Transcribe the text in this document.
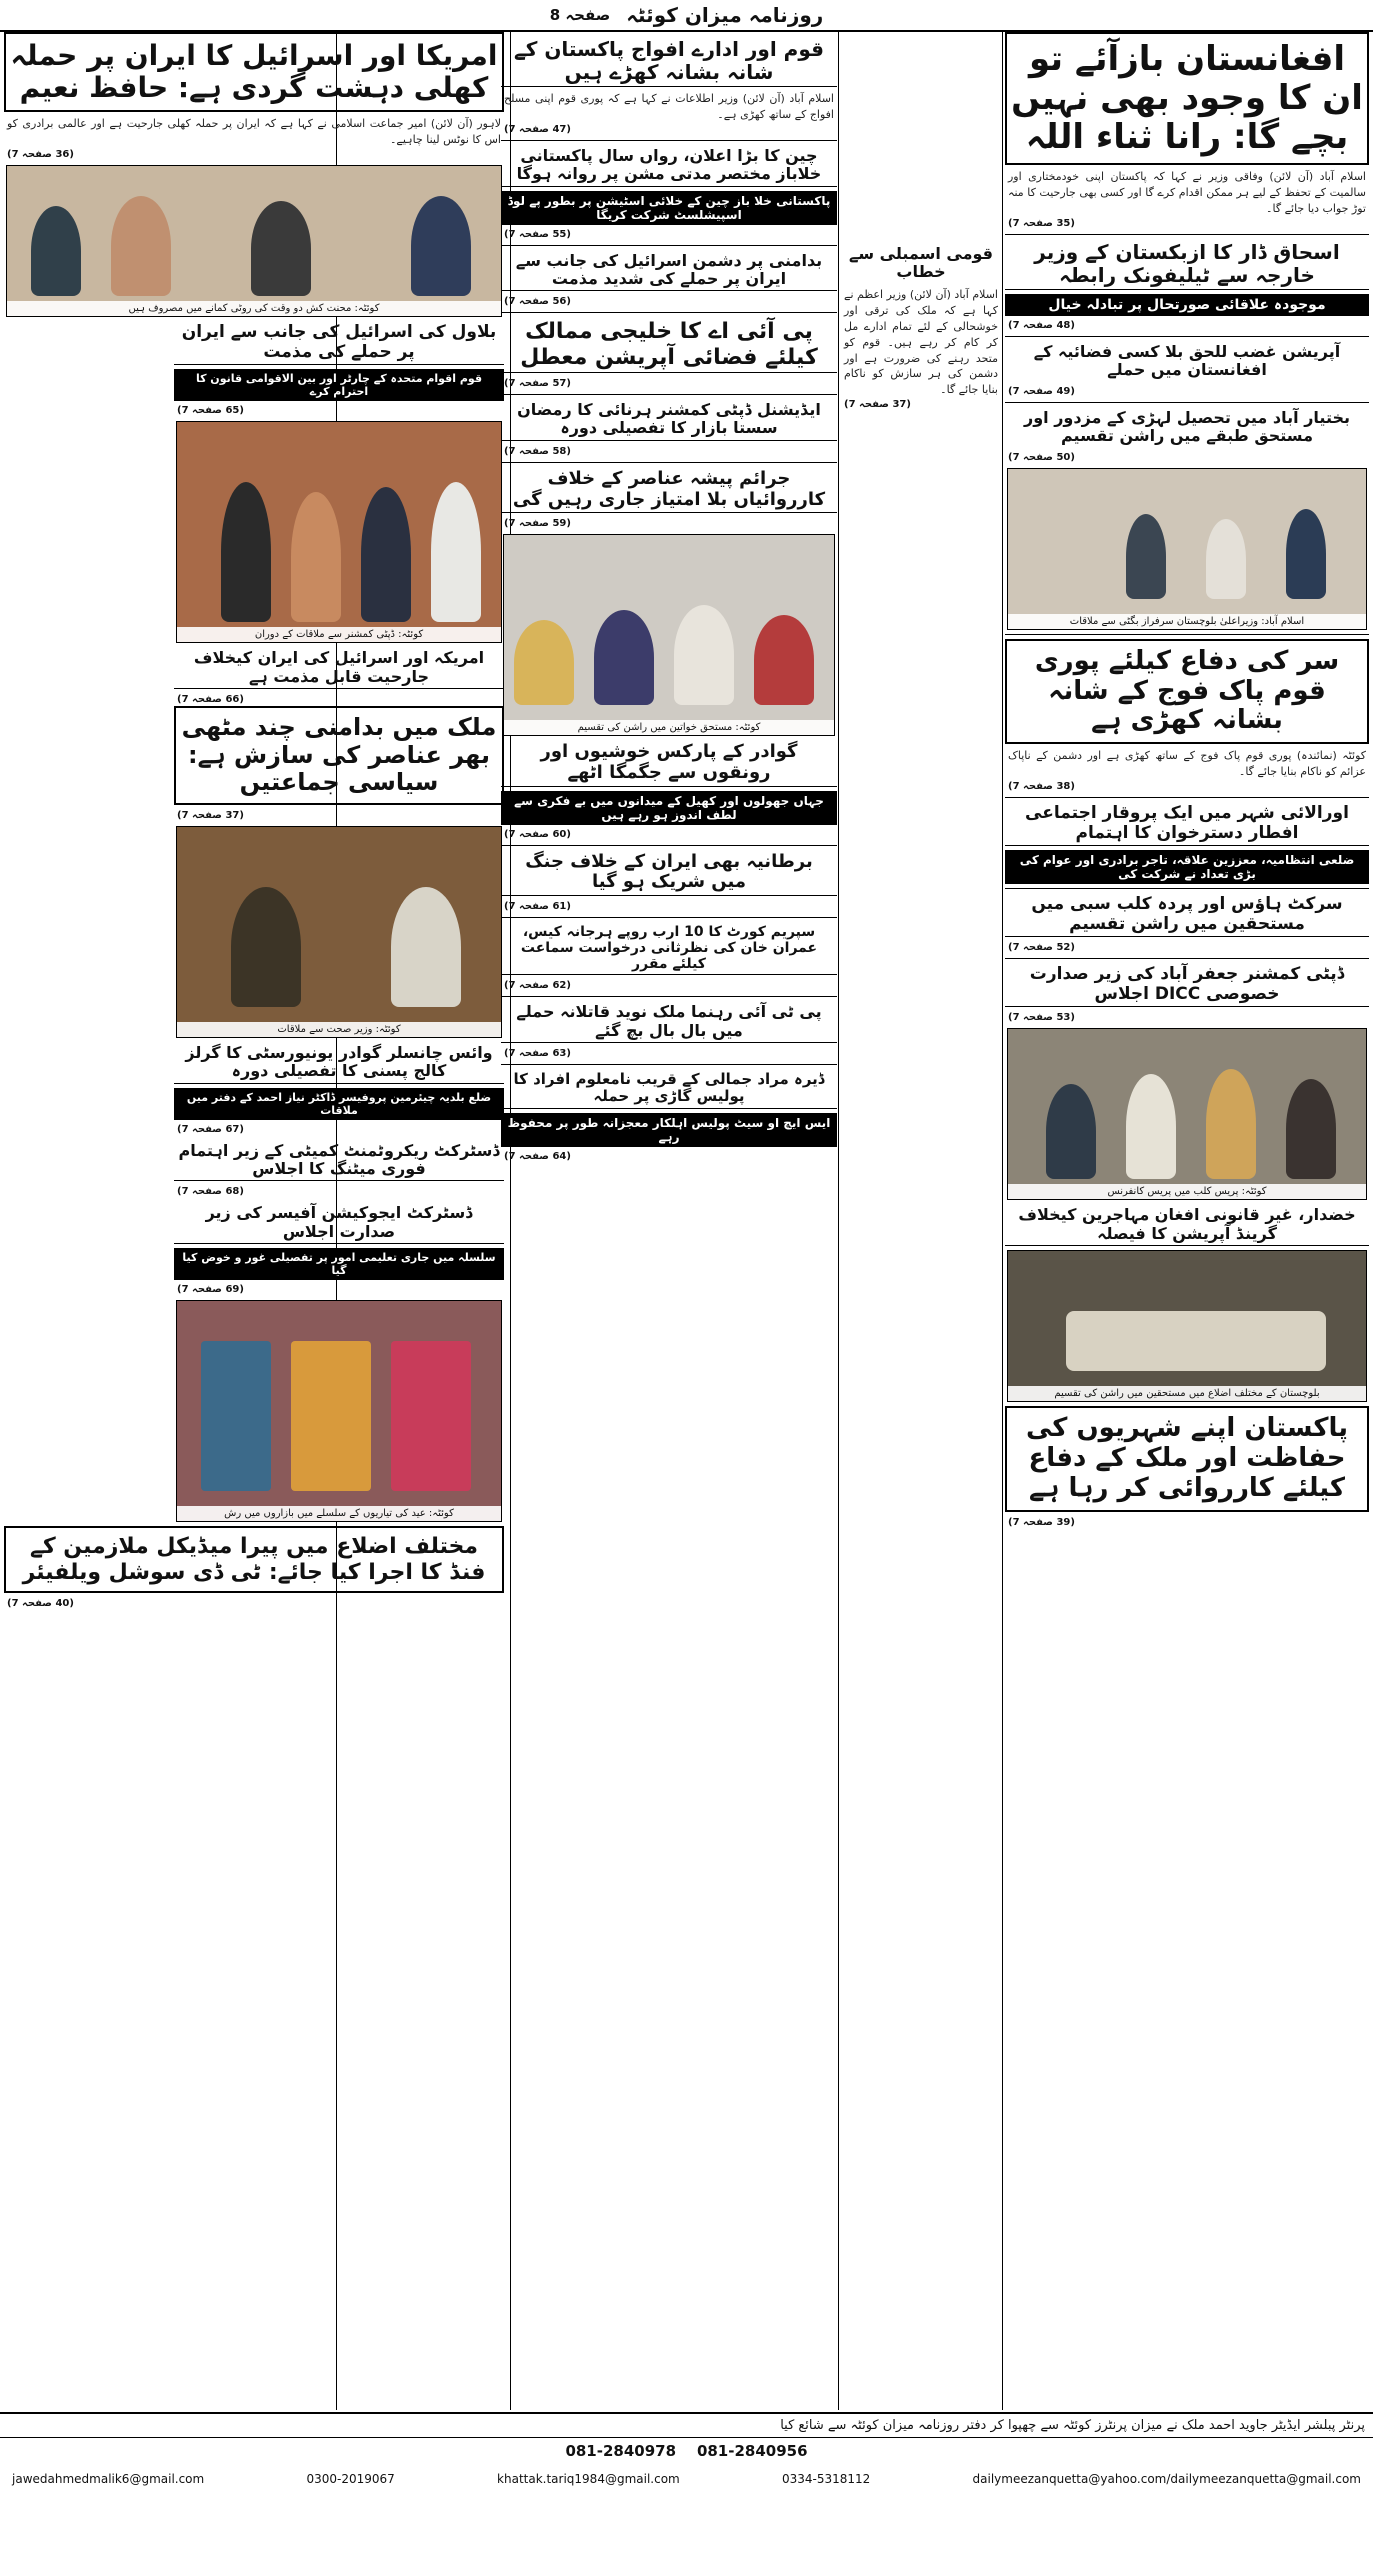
روزنامہ میزان کوئٹہ
صفحہ 8
افغانستان بازآئے تو ان کا وجود بھی نہیں بچے گا: رانا ثناء اللہ
اسلام آباد (آن لائن) وفاقی وزیر نے کہا کہ پاکستان اپنی خودمختاری اور سالمیت کے تحفظ کے لیے ہر ممکن اقدام کرے گا اور کسی بھی جارحیت کا منہ توڑ جواب دیا جائے گا۔
(35 صفحہ 7)
اسحاق ڈار کا ازبکستان کے وزیر خارجہ سے ٹیلیفونک رابطہ
موجودہ علاقائی صورتحال پر تبادلہ خیال
(48 صفحہ 7)
آپریشن غضب للحق بلا کسی فضائیہ کے افغانستان میں حملے
(49 صفحہ 7)
بختیار آباد میں تحصیل لہڑی کے مزدور اور مستحق طبقے میں راشن تقسیم
(50 صفحہ 7)
اسلام آباد: وزیراعلیٰ بلوچستان سرفراز بگٹی سے ملاقات
سر کی دفاع کیلئے پوری قوم پاک فوج کے شانہ بشانہ کھڑی ہے
کوئٹہ (نمائندہ) پوری قوم پاک فوج کے ساتھ کھڑی ہے اور دشمن کے ناپاک عزائم کو ناکام بنایا جائے گا۔
(38 صفحہ 7)
اورالائی شہر میں ایک پروقار اجتماعی افطار دسترخوان کا اہتمام
ضلعی انتظامیہ، معززین علاقہ، تاجر برادری اور عوام کی بڑی تعداد نے شرکت کی
سرکٹ ہاؤس اور پردہ کلب سبی میں مستحقین میں راشن تقسیم
(52 صفحہ 7)
ڈپٹی کمشنر جعفر آباد کی زیر صدارت خصوصی DICC اجلاس
(53 صفحہ 7)
کوئٹہ: پریس کلب میں پریس کانفرنس
خضدار، غیر قانونی افغان مہاجرین کیخلاف گرینڈ آپریشن کا فیصلہ
بلوچستان کے مختلف اضلاع میں مستحقین میں راشن کی تقسیم
پاکستان اپنے شہریوں کی حفاظت اور ملک کے دفاع کیلئے کارروائی کر رہا ہے
(39 صفحہ 7)
قومی اسمبلی سے خطاب
اسلام آباد (آن لائن) وزیر اعظم نے کہا ہے کہ ملک کی ترقی اور خوشحالی کے لئے تمام ادارے مل کر کام کر رہے ہیں۔ قوم کو متحد رہنے کی ضرورت ہے اور دشمن کی ہر سازش کو ناکام بنایا جائے گا۔
(37 صفحہ 7)
قوم اور ادارے افواج پاکستان کے شانہ بشانہ کھڑے ہیں
اسلام آباد (آن لائن) وزیر اطلاعات نے کہا ہے کہ پوری قوم اپنی مسلح افواج کے ساتھ کھڑی ہے۔
(47 صفحہ 7)
چین کا بڑا اعلان، رواں سال پاکستانی خلاباز مختصر مدتی مشن پر روانہ ہوگا
پاکستانی خلا باز چین کے خلائی اسٹیشن پر بطور پے لوڈ اسپیشلسٹ شرکت کریگا
(55 صفحہ 7)
بدامنی پر دشمن اسرائیل کی جانب سے ایران پر حملے کی شدید مذمت
(56 صفحہ 7)
پی آئی اے کا خلیجی ممالک کیلئے فضائی آپریشن معطل
(57 صفحہ 7)
ایڈیشنل ڈپٹی کمشنر ہرنائی کا رمضان سستا بازار کا تفصیلی دورہ
(58 صفحہ 7)
جرائم پیشہ عناصر کے خلاف کارروائیاں بلا امتیاز جاری رہیں گی
(59 صفحہ 7)
کوئٹہ: مستحق خواتین میں راشن کی تقسیم
گوادر کے پارکس خوشیوں اور رونقوں سے جگمگا اٹھے
جہاں جھولوں اور کھیل کے میدانوں میں بے فکری سے لطف اندوز ہو رہے ہیں
(60 صفحہ 7)
برطانیہ بھی ایران کے خلاف جنگ میں شریک ہو گیا
(61 صفحہ 7)
سپریم کورٹ کا 10 ارب روپے ہرجانہ کیس، عمران خان کی نظرثانی درخواست سماعت کیلئے مقرر
(62 صفحہ 7)
پی ٹی آئی رہنما ملک نوید قاتلانہ حملے میں بال بال بچ گئے
(63 صفحہ 7)
ڈیرہ مراد جمالی کے قریب نامعلوم افراد کا پولیس گاڑی پر حملہ
ایس ایچ او سیٹ پولیس اہلکار معجزانہ طور پر محفوظ رہے
(64 صفحہ 7)
امریکا اور اسرائیل کا ایران پر حملہ کھلی دہشت گردی ہے: حافظ نعیم
لاہور (آن لائن) امیر جماعت اسلامی نے کہا ہے کہ ایران پر حملہ کھلی جارحیت ہے اور عالمی برادری کو اس کا نوٹس لینا چاہیے۔
(36 صفحہ 7)
کوئٹہ: محنت کش دو وقت کی روٹی کمانے میں مصروف ہیں
بلاول کی اسرائیل کی جانب سے ایران پر حملے کی مذمت
قوم اقوام متحدہ کے چارٹر اور بین الاقوامی قانون کا احترام کرے
(65 صفحہ 7)
کوئٹہ: ڈپٹی کمشنر سے ملاقات کے دوران
امریکہ اور اسرائیل کی ایران کیخلاف جارحیت قابل مذمت ہے
(66 صفحہ 7)
ملک میں بدامنی چند مٹھی بھر عناصر کی سازش ہے: سیاسی جماعتیں
(37 صفحہ 7)
کوئٹہ: وزیر صحت سے ملاقات
وائس چانسلر گوادر یونیورسٹی کا گرلز کالج پسنی کا تفصیلی دورہ
ضلع بلدیہ چیئرمین پروفیسر ڈاکٹر نیاز احمد کے دفتر میں ملاقات
(67 صفحہ 7)
ڈسٹرکٹ ریکروٹمنٹ کمیٹی کے زیر اہتمام فوری میٹنگ کا اجلاس
(68 صفحہ 7)
ڈسٹرکٹ ایجوکیشن آفیسر کی زیر صدارت اجلاس
سلسلہ میں جاری تعلیمی امور پر تفصیلی غور و خوض کیا گیا
(69 صفحہ 7)
کوئٹہ: عید کی تیاریوں کے سلسلے میں بازاروں میں رش
مختلف اضلاع میں پیرا میڈیکل ملازمین کے فنڈ کا اجرا کیا جائے: ٹی ڈی سوشل ویلفیئر
(40 صفحہ 7)
پرنٹر پبلشر ایڈیٹر جاوید احمد ملک نے میزان پرنٹرز کوئٹہ سے چھپوا کر دفتر روزنامہ میزان کوئٹہ سے شائع کیا
081-2840978 081-2840956
jawedahmedmalik6@gmail.com	0300-2019067	khattak.tariq1984@gmail.com	0334-5318112	dailymeezanquetta@yahoo.com/dailymeezanquetta@gmail.com
